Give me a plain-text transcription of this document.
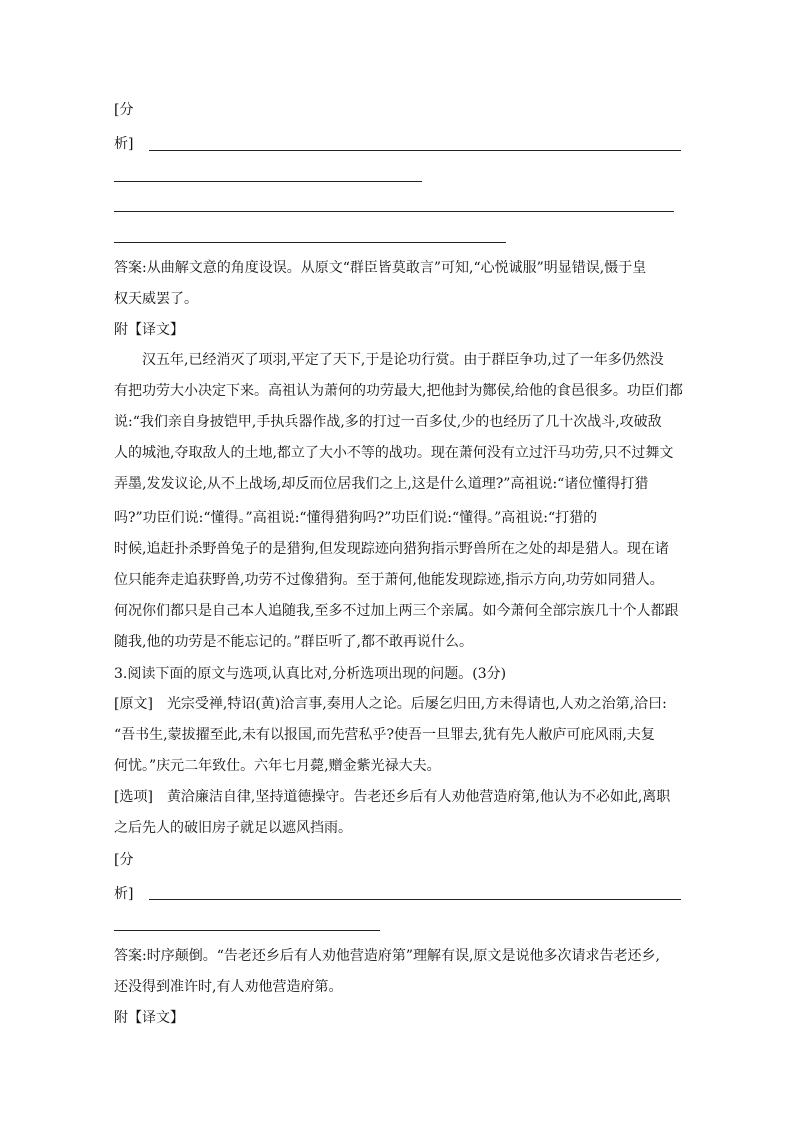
[分
析]
答案:从曲解文意的角度设误。从原文“群臣皆莫敢言”可知,“心悦诚服”明显错误,慑于皇
权天威罢了。
附【译文】
汉五年,已经消灭了项羽,平定了天下,于是论功行赏。由于群臣争功,过了一年多仍然没
有把功劳大小决定下来。高祖认为萧何的功劳最大,把他封为酂侯,给他的食邑很多。功臣们都
说:“我们亲自身披铠甲,手执兵器作战,多的打过一百多仗,少的也经历了几十次战斗,攻破敌
人的城池,夺取敌人的土地,都立了大小不等的战功。现在萧何没有立过汗马功劳,只不过舞文
弄墨,发发议论,从不上战场,却反而位居我们之上,这是什么道理?”高祖说:“诸位懂得打猎
吗?”功臣们说:“懂得。”高祖说:“懂得猎狗吗?”功臣们说:“懂得。”高祖说:“打猎的
时候,追赶扑杀野兽兔子的是猎狗,但发现踪迹向猎狗指示野兽所在之处的却是猎人。现在诸
位只能奔走追获野兽,功劳不过像猎狗。至于萧何,他能发现踪迹,指示方向,功劳如同猎人。
何况你们都只是自己本人追随我,至多不过加上两三个亲属。如今萧何全部宗族几十个人都跟
随我,他的功劳是不能忘记的。”群臣听了,都不敢再说什么。
3.阅读下面的原文与选项,认真比对,分析选项出现的问题。(3分)
[原文] 光宗受禅,特诏(黄)洽言事,奏用人之论。后屡乞归田,方未得请也,人劝之治第,洽曰:
“吾书生,蒙拔擢至此,未有以报国,而先营私乎?使吾一旦罪去,犹有先人敝庐可庇风雨,夫复
何忧。”庆元二年致仕。六年七月薨,赠金紫光禄大夫。
[选项] 黄洽廉洁自律,坚持道德操守。告老还乡后有人劝他营造府第,他认为不必如此,离职
之后先人的破旧房子就足以遮风挡雨。
[分
析]
答案:时序颠倒。“告老还乡后有人劝他营造府第”理解有误,原文是说他多次请求告老还乡,
还没得到准许时,有人劝他营造府第。
附【译文】
